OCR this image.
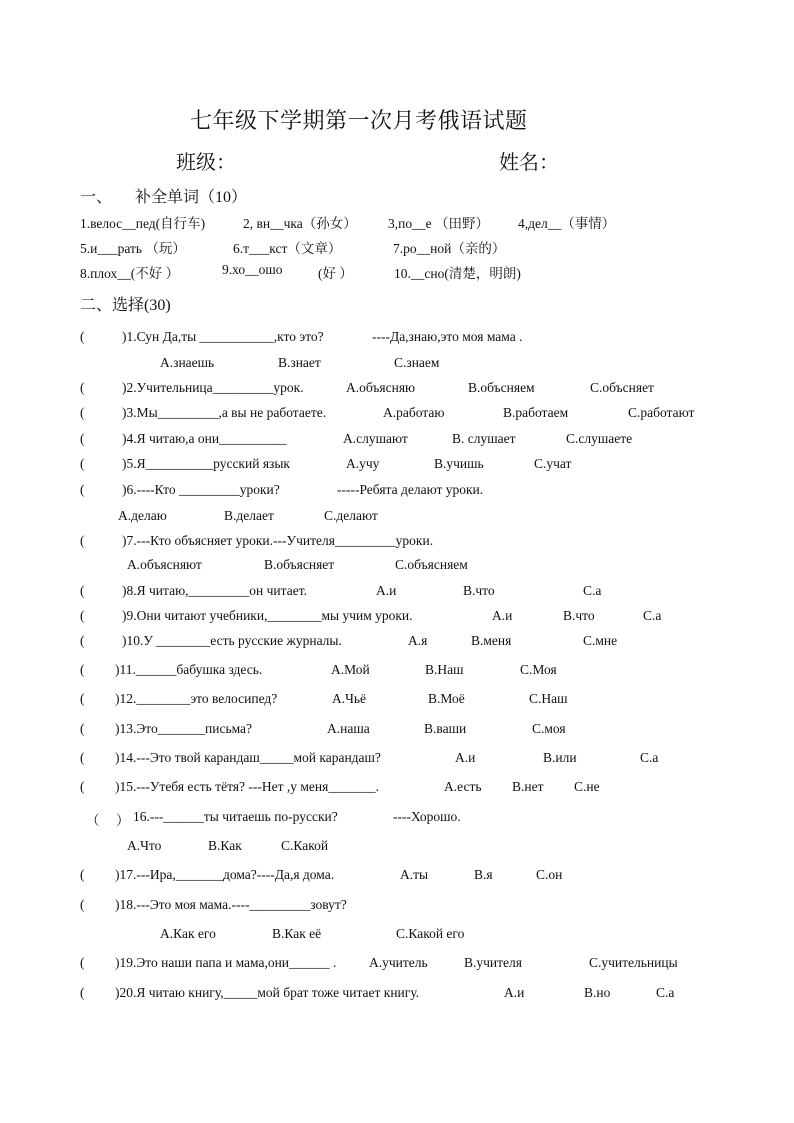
七年级下学期第一次月考俄语试题
班级：	姓名：
一、 补全单词（10）
1.велос__пед(自行车)	2, вн__чка（孙女） 3,по__е （田野） 4,дел__（事情）
5.и___рать （玩）	6.т___кст（文章）	7.ро__ной（亲的）
8.плох__(不好 ）	9.хо__ошо	(好 ）	10.__сно(清楚，明朗)
二、选择(30)
(	)1.Сун Да,ты ___________,кто это?	----Да,знаю,это моя мама .
A.знаешь	B.знает	C.знаем
(	)2.Учительница_________урок.	A.объясняю	B.объсняем	C.объсняет
(	)3.Мы_________,а вы не работаете.	A.работаю	B.работаем	C.работают
(	)4.Я читаю,а они__________	A.слушают	B. слушает	C.слушаете
(	)5.Я__________русский язык	A.учу	B.учишь	C.учат
(	)6.----Кто _________уроки?	-----Ребята делают уроки.
A.делаю	B.делает	C.делают
(	)7.---Кто объясняет уроки.---Учителя_________уроки.
A.объясняют	B.объясняет	C.объясняем
(	)8.Я читаю,_________он читает.	A.и	B.что	C.а
(	)9.Они читают учебники,________мы учим уроки.	A.и	B.что	C.а
(	)10.У ________есть русские журналы.	A.я	B.меня	C.мне
( )11.______бабушка здесь.	A.Мой	B.Наш	C.Моя
( )12.________это велосипед?	A.Чьё	B.Моё	C.Наш
( )13.Это_______письма?	A.наша	B.ваши	C.моя
( )14.---Это твой карандаш_____мой карандаш?	A.и	B.или	C.а
( )15.---Утебя есть тётя? ---Нет ,у меня_______.	A.есть B.нет C.не
（ ） 16.---______ты читаешь по-русски?	----Хорошо.
A.Что	B.Как	C.Какой
( )17.---Ира,_______дома?----Да,я дома.	A.ты	B.я	C.он
( )18.---Это моя мама.----_________зовут?
A.Как его	B.Как её	C.Какой его
( )19.Это наши папа и мама,они______ . A.учитель	B.учителя	C.учительницы
( )20.Я читаю книгу,_____мой брат тоже читает книгу.	A.и	B.но	C.а
